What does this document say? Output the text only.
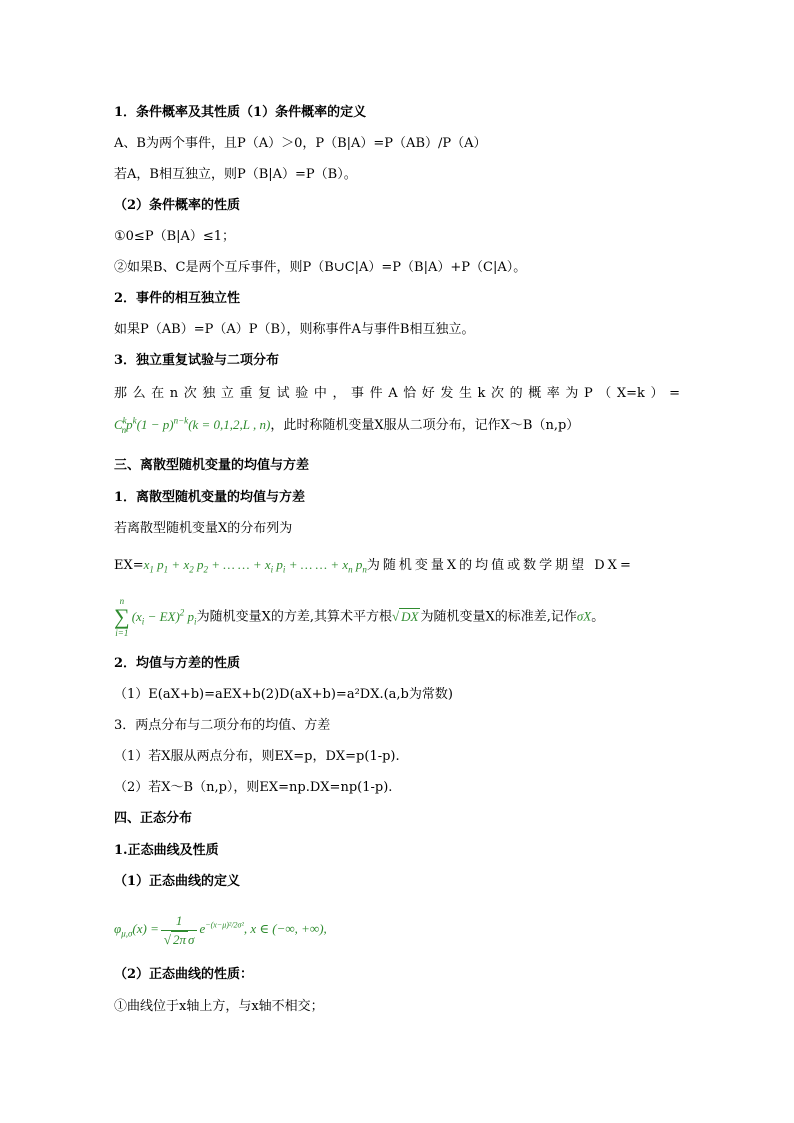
1．条件概率及其性质（1）条件概率的定义
A、B为两个事件，且P（A）＞0，P（B|A）=P（AB）/P（A）
若A，B相互独立，则P（B|A）=P（B）。
（2）条件概率的性质
①0≤P（B|A）≤1；
②如果B、C是两个互斥事件，则P（B∪C|A）=P（B|A）+P（C|A）。
2．事件的相互独立性
如果P（AB）=P（A）P（B），则称事件A与事件B相互独立。
3．独立重复试验与二项分布
那么在n次独立重复试验中，事件A恰好发生k次的概率为P（X=k）=
$C^k_np^k(1 - p)^{n-k}(k = 0,1,2,L$ , n)，此时称随机变量X服从二项分布，记作X～B（n,p）
三、离散型随机变量的均值与方差
1．离散型随机变量的均值与方差
若离散型随机变量X的分布列为
$EX=x_1$ $p_1 + x_2$ $p_2$ + … … + $x_i$ $p_i$ + … … + $x_n$ $p_n$为随机变量X的均值或数学期望 DX=
n
∑
$i=1(x_i - EX)^2$ $p_i$为随机变量X的方差,其算术平方根√ DX 为随机变量X的标准差,记作σX。
2．均值与方差的性质
（1）E(aX+b)=aEX+b(2)D(aX+b)=a²DX.(a,b为常数)
3．两点分布与二项分布的均值、方差
（1）若X服从两点分布，则EX=p，DX=p(1-p).
（2）若X～B（n,p），则EX=np.DX=np(1-p).
四、正态分布
1.正态曲线及性质
（1）正态曲线的定义
$\varphi_{\mu,\sigma}(x) = \frac{1}{\text{√ 2π σ}} e^{-(x-\mu)^2/2\sigma^2}$, x ∈ (−∞, +∞),
（2）正态曲线的性质：
①曲线位于x轴上方，与x轴不相交；
